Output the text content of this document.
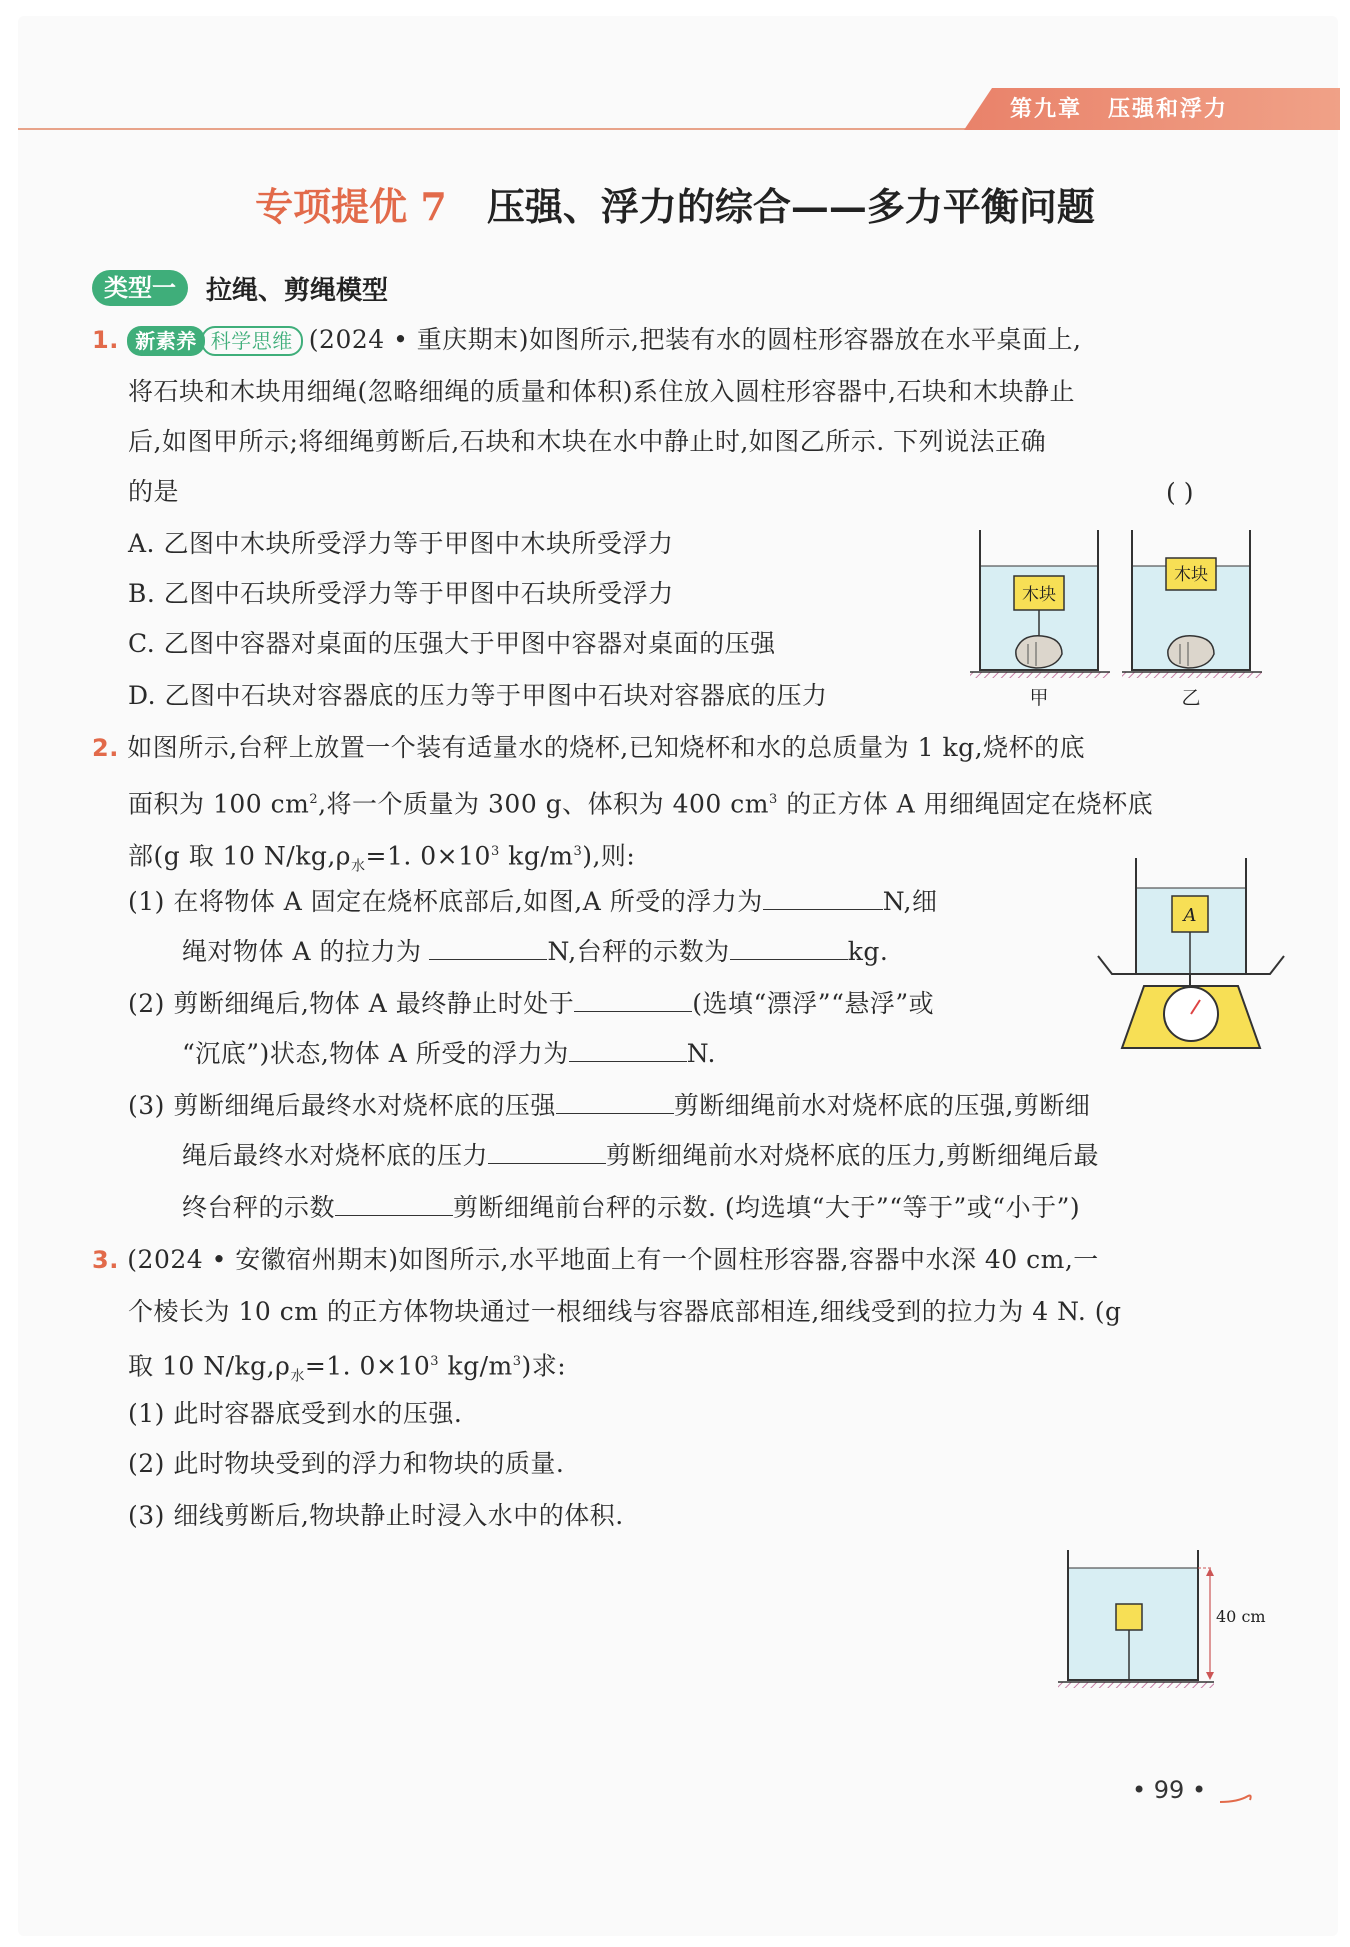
第九章 压强和浮力
专项提优 7 压强、浮力的综合——多力平衡问题
类型一	拉绳、剪绳模型
1. 新素养 科学思维 (2024 • 重庆期末)如图所示,把装有水的圆柱形容器放在水平桌面上,
将石块和木块用细绳(忽略细绳的质量和体积)系住放入圆柱形容器中,石块和木块静止
后,如图甲所示;将细绳剪断后,石块和木块在水中静止时,如图乙所示. 下列说法正确
的是	( )
A. 乙图中木块所受浮力等于甲图中木块所受浮力
B. 乙图中石块所受浮力等于甲图中石块所受浮力
C. 乙图中容器对桌面的压强大于甲图中容器对桌面的压强
D. 乙图中石块对容器底的压力等于甲图中石块对容器底的压力
木块
木块
甲	乙
2. 如图所示,台秤上放置一个装有适量水的烧杯,已知烧杯和水的总质量为 1 kg,烧杯的底
面积为 100 $cm^2$,将一个质量为 300 g、体积为 400 $cm^3$ 的正方体 A 用细绳固定在烧杯底
部(g 取 10 $N/kg,\rho_水=1$. $0\times 10^3$ $kg/m^3$),则:
(1) 在将物体 A 固定在烧杯底部后,如图,A 所受的浮力为	N,细
绳对物体 A 的拉力为	N,台秤的示数为	kg.
(2) 剪断细绳后,物体 A 最终静止时处于	(选填“漂浮”“悬浮”或
“沉底”)状态,物体 A 所受的浮力为	N.
(3) 剪断细绳后最终水对烧杯底的压强	剪断细绳前水对烧杯底的压强,剪断细
绳后最终水对烧杯底的压力	剪断细绳前水对烧杯底的压力,剪断细绳后最
终台秤的示数	剪断细绳前台秤的示数. (均选填“大于”“等于”或“小于”)
A
3. (2024 • 安徽宿州期末)如图所示,水平地面上有一个圆柱形容器,容器中水深 40 cm,一
个棱长为 10 cm 的正方体物块通过一根细线与容器底部相连,细线受到的拉力为 4 N. (g
取 10 $N/kg,\rho_水=1$. $0\times 10^3$ $kg/m^3$)求:
(1) 此时容器底受到水的压强.
(2) 此时物块受到的浮力和物块的质量.
(3) 细线剪断后,物块静止时浸入水中的体积.
40 cm
• 99 •
